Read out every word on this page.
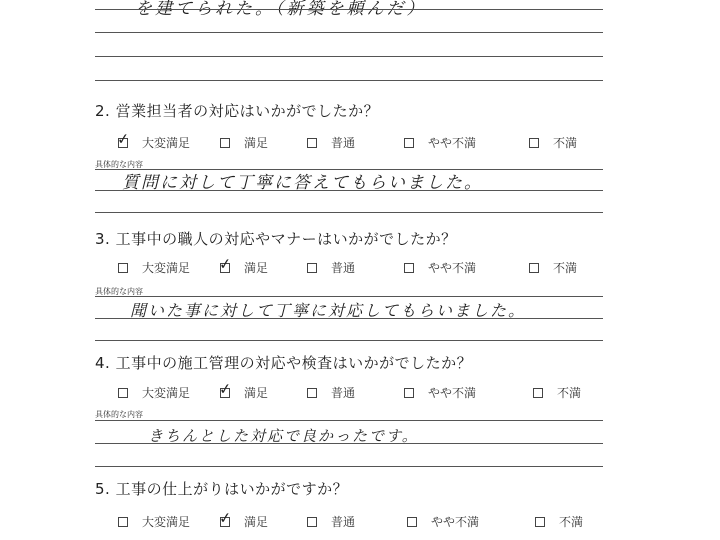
を建てられた。（新築を頼んだ）
2. 営業担当者の対応はいかがでしたか？
✓ 大変満足	満足	普通	やや不満	不満
具体的な内容
質問に対して丁寧に答えてもらいました。
3. 工事中の職人の対応やマナーはいかがでしたか？
大変満足 ✓ 満足	普通	やや不満	不満
具体的な内容
聞いた事に対して丁寧に対応してもらいました。
4. 工事中の施工管理の対応や検査はいかがでしたか？
大変満足 ✓ 満足	普通	やや不満	不満
具体的な内容
きちんとした対応で良かったです。
5. 工事の仕上がりはいかがですか？
大変満足 ✓ 満足	普通	やや不満	不満
